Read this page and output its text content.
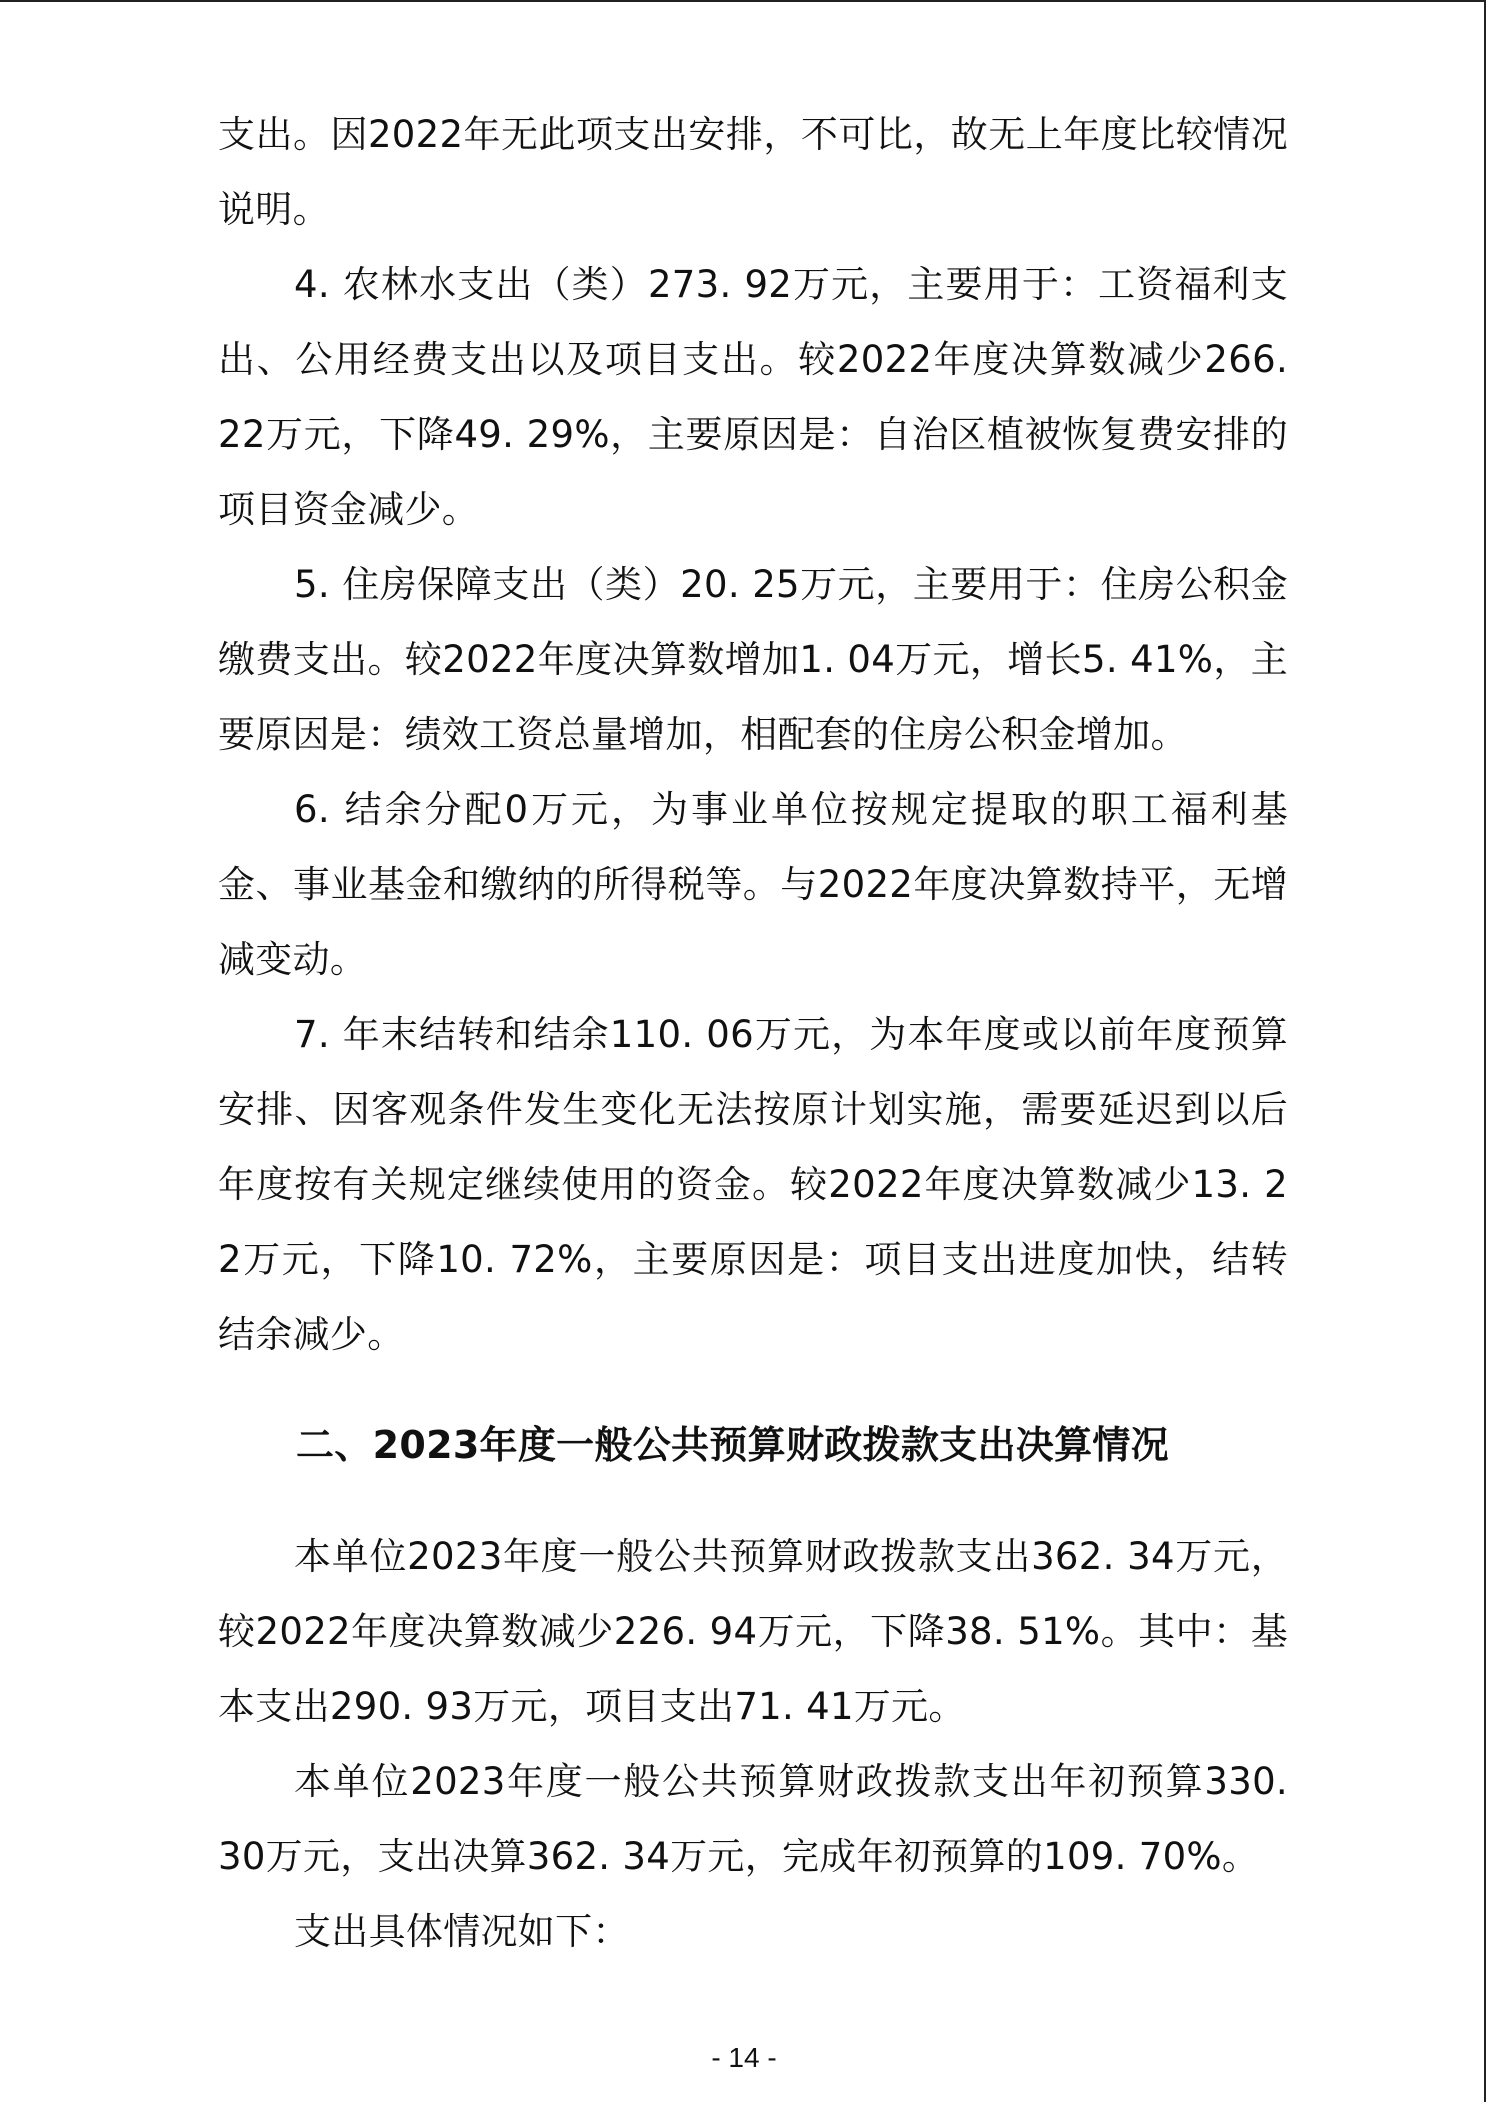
支出。因2022年无此项支出安排，不可比，故无上年度比较情况说明。

4. 农林水支出（类）273. 92万元，主要用于：工资福利支出、公用经费支出以及项目支出。较2022年度决算数减少266. 22万元，下降49. 29%，主要原因是：自治区植被恢复费安排的项目资金减少。

5. 住房保障支出（类）20. 25万元，主要用于：住房公积金缴费支出。较2022年度决算数增加1. 04万元，增长5. 41%，主要原因是：绩效工资总量增加，相配套的住房公积金增加。

6. 结余分配0万元，为事业单位按规定提取的职工福利基金、事业基金和缴纳的所得税等。与2022年度决算数持平，无增减变动。

7. 年末结转和结余110. 06万元，为本年度或以前年度预算安排、因客观条件发生变化无法按原计划实施，需要延迟到以后年度按有关规定继续使用的资金。较2022年度决算数减少13. 22万元，下降10. 72%，主要原因是：项目支出进度加快，结转结余减少。

二、2023年度一般公共预算财政拨款支出决算情况

本单位2023年度一般公共预算财政拨款支出362. 34万元，较2022年度决算数减少226. 94万元，下降38. 51%。其中：基本支出290. 93万元，项目支出71. 41万元。

本单位2023年度一般公共预算财政拨款支出年初预算330. 30万元，支出决算362. 34万元，完成年初预算的109. 70%。

支出具体情况如下：

- 14 -
